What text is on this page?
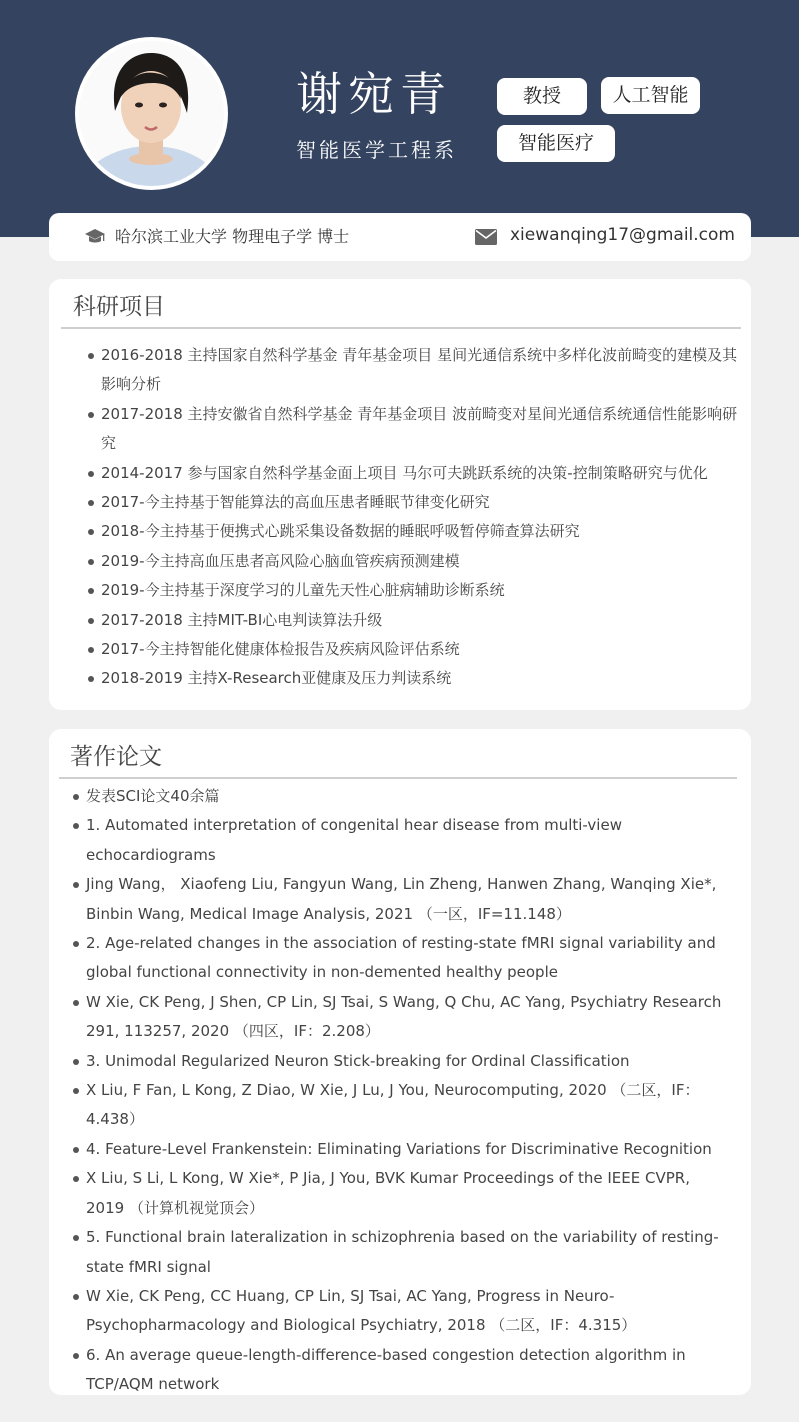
谢宛青
智能医学工程系
教授	人工智能
智能医疗
哈尔滨工业大学 物理电子学 博士	xiewanqing17@gmail.com
科研项目
2016-2018 主持国家自然科学基金 青年基金项目 星间光通信系统中多样化波前畸变的建模及其影响分析
2017-2018 主持安徽省自然科学基金 青年基金项目 波前畸变对星间光通信系统通信性能影响研究
2014-2017 参与国家自然科学基金面上项目 马尔可夫跳跃系统的决策-控制策略研究与优化
2017-今主持基于智能算法的高血压患者睡眠节律变化研究
2018-今主持基于便携式心跳采集设备数据的睡眠呼吸暂停筛查算法研究
2019-今主持高血压患者高风险心脑血管疾病预测建模
2019-今主持基于深度学习的儿童先天性心脏病辅助诊断系统
2017-2018 主持MIT-BI心电判读算法升级
2017-今主持智能化健康体检报告及疾病风险评估系统
2018-2019 主持X-Research亚健康及压力判读系统
著作论文
发表SCI论文40余篇
1. Automated interpretation of congenital hear disease from multi-view echocardiograms
Jing Wang， Xiaofeng Liu, Fangyun Wang, Lin Zheng, Hanwen Zhang, Wanqing Xie*, Binbin Wang, Medical Image Analysis, 2021 （一区，IF=11.148）
2. Age-related changes in the association of resting-state fMRI signal variability and global functional connectivity in non-demented healthy people
W Xie, CK Peng, J Shen, CP Lin, SJ Tsai, S Wang, Q Chu, AC Yang, Psychiatry Research 291, 113257, 2020 （四区，IF：2.208）
3. Unimodal Regularized Neuron Stick-breaking for Ordinal Classification
X Liu, F Fan, L Kong, Z Diao, W Xie, J Lu, J You, Neurocomputing, 2020 （二区，IF：4.438）
4. Feature-Level Frankenstein: Eliminating Variations for Discriminative Recognition
X Liu, S Li, L Kong, W Xie*, P Jia, J You, BVK Kumar Proceedings of the IEEE CVPR, 2019 （计算机视觉顶会）
5. Functional brain lateralization in schizophrenia based on the variability of resting-state fMRI signal
W Xie, CK Peng, CC Huang, CP Lin, SJ Tsai, AC Yang, Progress in Neuro-Psychopharmacology and Biological Psychiatry, 2018 （二区，IF：4.315）
6. An average queue-length-difference-based congestion detection algorithm in TCP/AQM network
